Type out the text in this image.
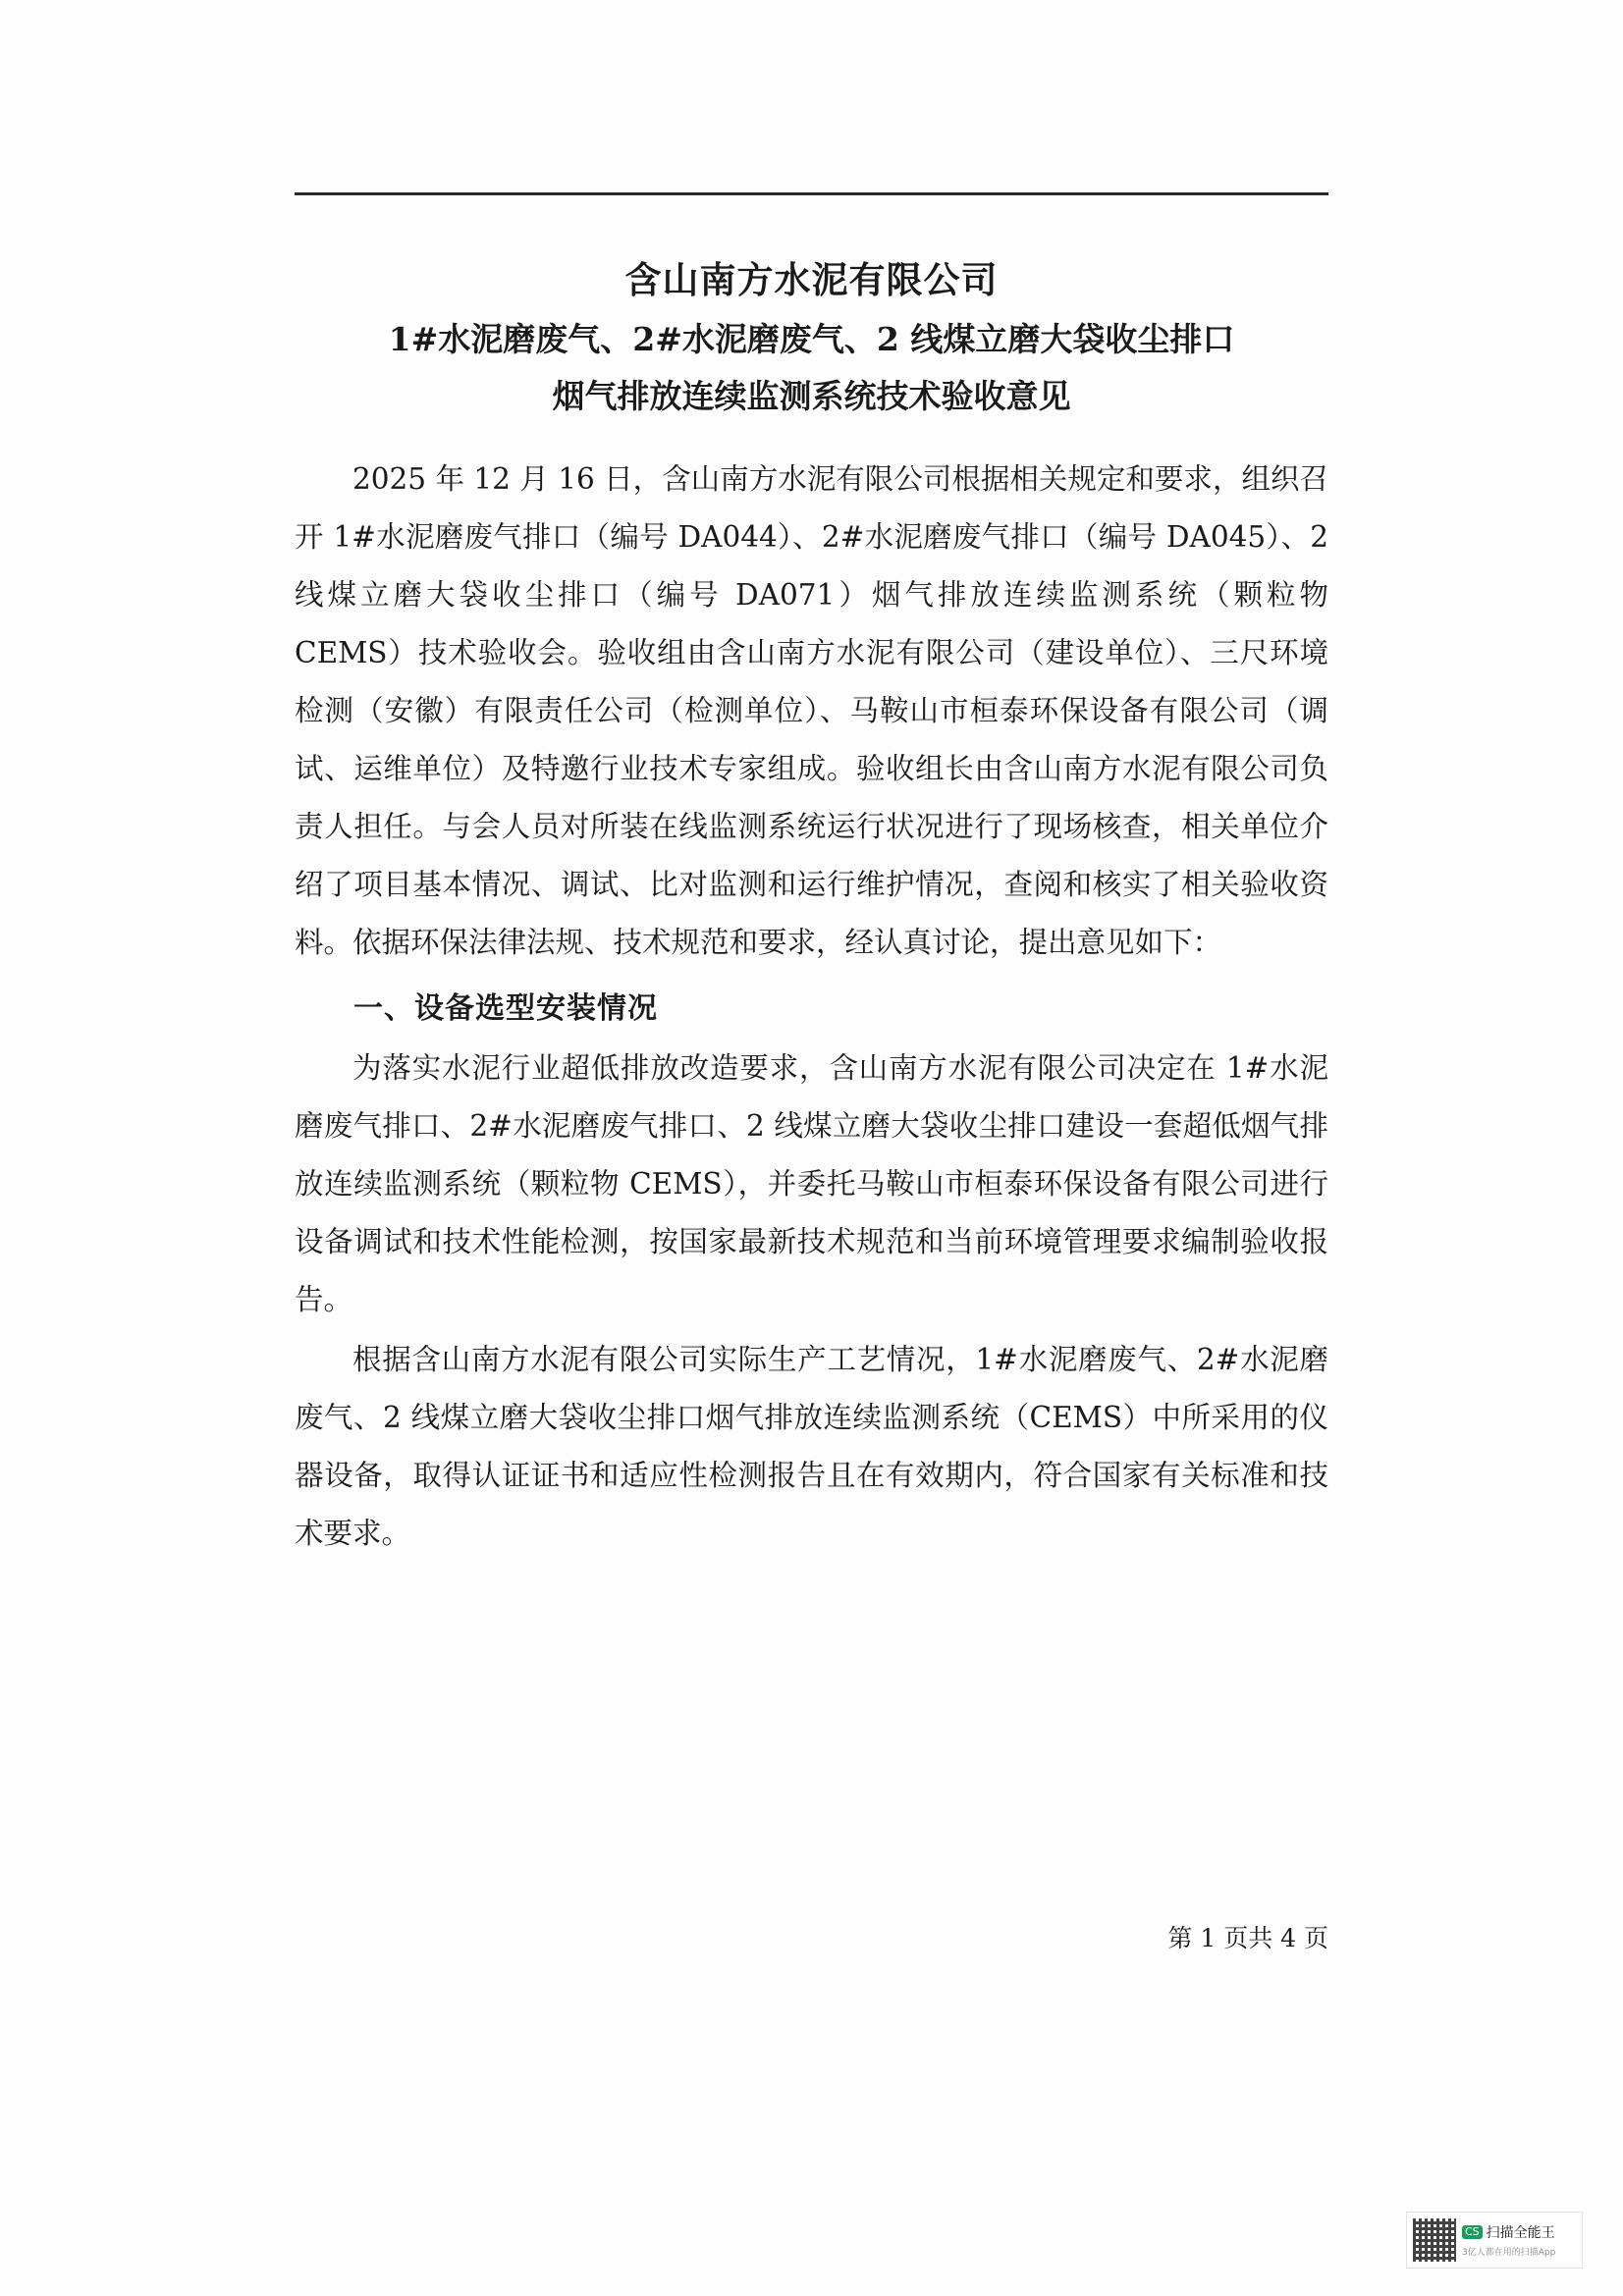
含山南方水泥有限公司
1#水泥磨废气、2#水泥磨废气、2 线煤立磨大袋收尘排口
烟气排放连续监测系统技术验收意见

2025 年 12 月 16 日，含山南方水泥有限公司根据相关规定和要求，组织召开 1#水泥磨废气排口（编号 DA044）、2#水泥磨废气排口（编号 DA045）、2 线煤立磨大袋收尘排口（编号 DA071）烟气排放连续监测系统（颗粒物 CEMS）技术验收会。验收组由含山南方水泥有限公司（建设单位）、三尺环境检测（安徽）有限责任公司（检测单位）、马鞍山市桓泰环保设备有限公司（调试、运维单位）及特邀行业技术专家组成。验收组长由含山南方水泥有限公司负责人担任。与会人员对所装在线监测系统运行状况进行了现场核查，相关单位介绍了项目基本情况、调试、比对监测和运行维护情况，查阅和核实了相关验收资料。依据环保法律法规、技术规范和要求，经认真讨论，提出意见如下：

一、设备选型安装情况

为落实水泥行业超低排放改造要求，含山南方水泥有限公司决定在 1#水泥磨废气排口、2#水泥磨废气排口、2 线煤立磨大袋收尘排口建设一套超低烟气排放连续监测系统（颗粒物 CEMS），并委托马鞍山市桓泰环保设备有限公司进行设备调试和技术性能检测，按国家最新技术规范和当前环境管理要求编制验收报告。

根据含山南方水泥有限公司实际生产工艺情况，1#水泥磨废气、2#水泥磨废气、2 线煤立磨大袋收尘排口烟气排放连续监测系统（CEMS）中所采用的仪器设备，取得认证证书和适应性检测报告且在有效期内，符合国家有关标准和技术要求。

第 1 页共 4 页
CS 扫描全能王
3亿人都在用的扫描App
